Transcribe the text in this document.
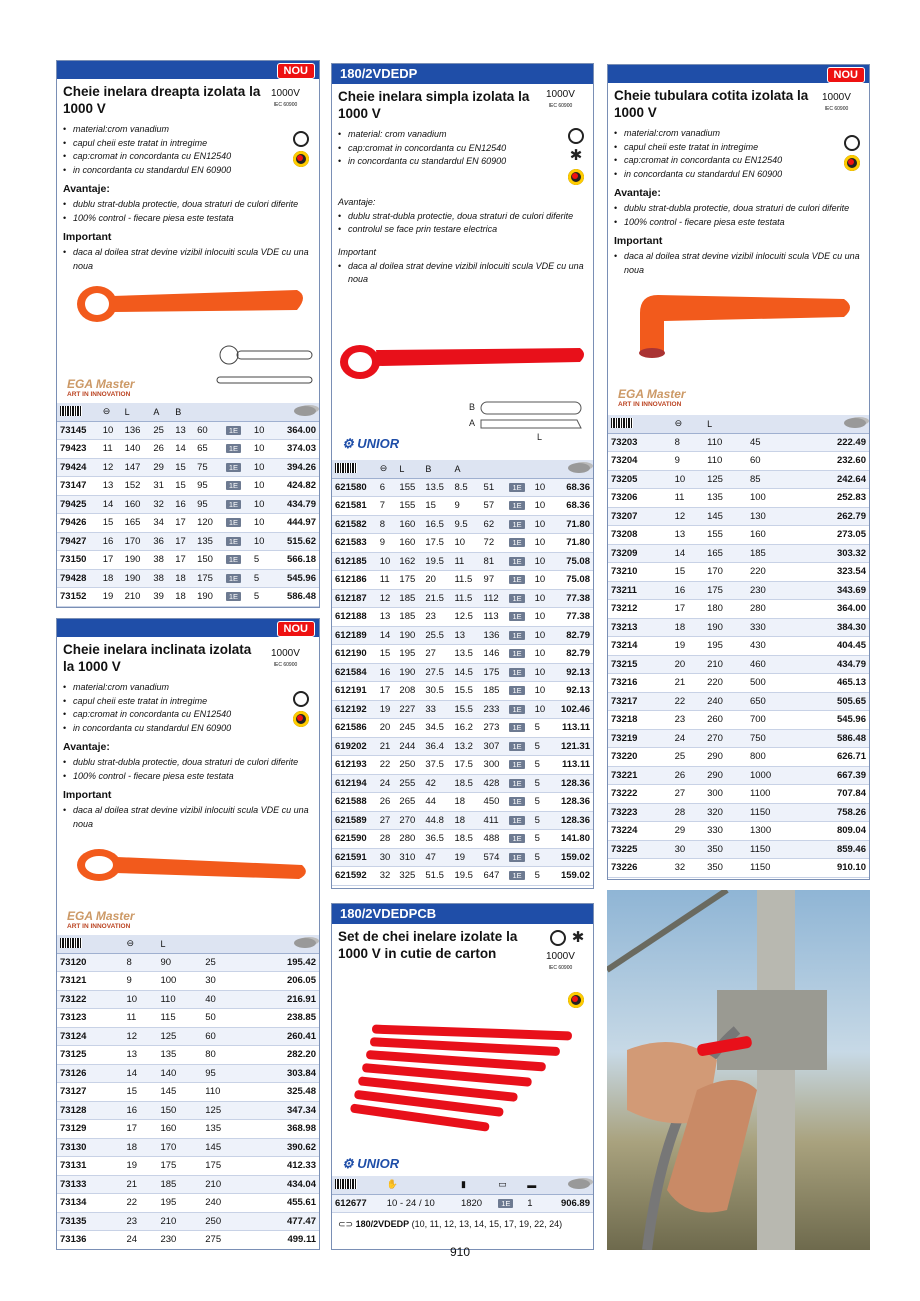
NOU
Cheie inelara dreapta izolata la 1000 V
1000V
IEC 60900
• material:crom vanadium
• capul cheii este tratat in intregime
• cap:cromat in concordanta cu EN12540
• in concordanta cu standardul EN 60900
Avantaje:
• dublu strat-dubla protectie, doua straturi de culori diferite
• 100% control - fiecare piesa este testata
Important
• daca al doilea strat devine vizibil inlocuiti scula VDE cu una noua
EGA Master
ART IN INNOVATION
	⊖	L	A	B				
73145	10	136	25	13	60	1E	10	364.00
79423	11	140	26	14	65	1E	10	374.03
79424	12	147	29	15	75	1E	10	394.26
73147	13	152	31	15	95	1E	10	424.82
79425	14	160	32	16	95	1E	10	434.79
79426	15	165	34	17	120	1E	10	444.97
79427	16	170	36	17	135	1E	10	515.62
73150	17	190	38	17	150	1E	5	566.18
79428	18	190	38	18	175	1E	5	545.96
73152	19	210	39	18	190	1E	5	586.48
NOU
Cheie inelara inclinata izolata la 1000 V
1000V
IEC 60900
• material:crom vanadium
• capul cheii este tratat in intregime
• cap:cromat in concordanta cu EN12540
• in concordanta cu standardul EN 60900
Avantaje:
• dublu strat-dubla protectie, doua straturi de culori diferite
• 100% control - fiecare piesa este testata
Important
• daca al doilea strat devine vizibil inlocuiti scula VDE cu una noua
EGA Master
ART IN INNOVATION
	⊖	L		
73120	8	90	25	195.42
73121	9	100	30	206.05
73122	10	110	40	216.91
73123	11	115	50	238.85
73124	12	125	60	260.41
73125	13	135	80	282.20
73126	14	140	95	303.84
73127	15	145	110	325.48
73128	16	150	125	347.34
73129	17	160	135	368.98
73130	18	170	145	390.62
73131	19	175	175	412.33
73133	21	185	210	434.04
73134	22	195	240	455.61
73135	23	210	250	477.47
73136	24	230	275	499.11
180/2VDEDP
Cheie inelara simpla izolata la 1000 V
1000V
IEC 60900
✱
• material: crom vanadium
• cap:cromat in concordanta cu EN12540
• in concordanta cu standardul EN 60900
Avantaje:
• dublu strat-dubla protectie, doua straturi de culori diferite
• controlul se face prin testare electrica
Important
• daca al doilea strat devine vizibil inlocuiti scula VDE cu una noua
B
A
L
⚙ UNIOR
	⊖	L	B	A				
621580	6	155	13.5	8.5	51	1E	10	68.36
621581	7	155	15	9	57	1E	10	68.36
621582	8	160	16.5	9.5	62	1E	10	71.80
621583	9	160	17.5	10	72	1E	10	71.80
612185	10	162	19.5	11	81	1E	10	75.08
612186	11	175	20	11.5	97	1E	10	75.08
612187	12	185	21.5	11.5	112	1E	10	77.38
612188	13	185	23	12.5	113	1E	10	77.38
612189	14	190	25.5	13	136	1E	10	82.79
612190	15	195	27	13.5	146	1E	10	82.79
621584	16	190	27.5	14.5	175	1E	10	92.13
612191	17	208	30.5	15.5	185	1E	10	92.13
612192	19	227	33	15.5	233	1E	10	102.46
621586	20	245	34.5	16.2	273	1E	5	113.11
619202	21	244	36.4	13.2	307	1E	5	121.31
612193	22	250	37.5	17.5	300	1E	5	113.11
612194	24	255	42	18.5	428	1E	5	128.36
621588	26	265	44	18	450	1E	5	128.36
621589	27	270	44.8	18	411	1E	5	128.36
621590	28	280	36.5	18.5	488	1E	5	141.80
621591	30	310	47	19	574	1E	5	159.02
621592	32	325	51.5	19.5	647	1E	5	159.02
180/2VDEDPCB
Set de chei inelare izolate la 1000 V in cutie de carton
✱
1000V
IEC 60900
⚙ UNIOR
	✋	▮	▭	▬	
612677	10 - 24 / 10	1820	1E	1	906.89
⊂⊃ 180/2VDEDP (10, 11, 12, 13, 14, 15, 17, 19, 22, 24)
NOU
Cheie tubulara cotita izolata la 1000 V
1000V
IEC 60900
• material:crom vanadium
• capul cheii este tratat in intregime
• cap:cromat in concordanta cu EN12540
• in concordanta cu standardul EN 60900
Avantaje:
• dublu strat-dubla protectie, doua straturi de culori diferite
• 100% control - fiecare piesa este testata
Important
• daca al doilea strat devine vizibil inlocuiti scula VDE cu una noua
EGA Master
ART IN INNOVATION
	⊖	L		
73203	8	110	45	222.49
73204	9	110	60	232.60
73205	10	125	85	242.64
73206	11	135	100	252.83
73207	12	145	130	262.79
73208	13	155	160	273.05
73209	14	165	185	303.32
73210	15	170	220	323.54
73211	16	175	230	343.69
73212	17	180	280	364.00
73213	18	190	330	384.30
73214	19	195	430	404.45
73215	20	210	460	434.79
73216	21	220	500	465.13
73217	22	240	650	505.65
73218	23	260	700	545.96
73219	24	270	750	586.48
73220	25	290	800	626.71
73221	26	290	1000	667.39
73222	27	300	1100	707.84
73223	28	320	1150	758.26
73224	29	330	1300	809.04
73225	30	350	1150	859.46
73226	32	350	1150	910.10
910
